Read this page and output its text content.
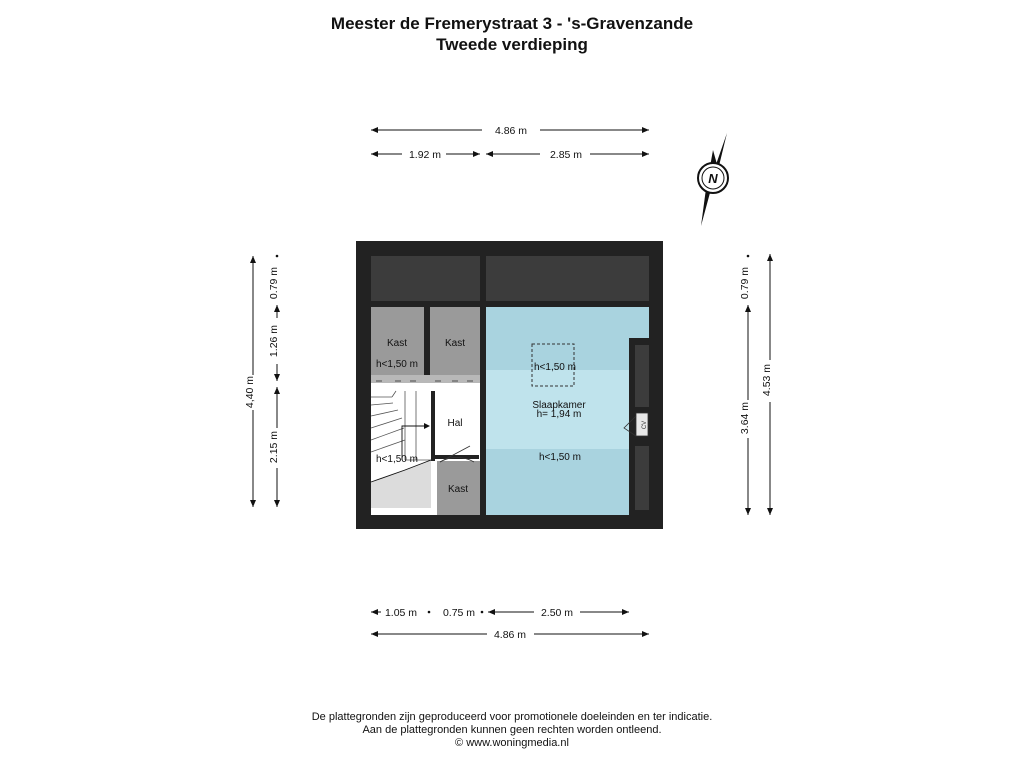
Meester de Fremerystraat 3 - 's-Gravenzande
Tweede verdieping
4.86 m
1.92 m	2.85 m
N
CV
Kast
h<1,50 m
Kast
Hal
h<1,50 m
Kast
h<1,50 m
Slaapkamer
h= 1,94 m
h<1,50 m
4,40 m
0.79 m
1.26 m
2.15 m
0.79 m
3.64 m
4.53 m
1.05 m 0.75 m	2.50 m
4.86 m
De plattegronden zijn geproduceerd voor promotionele doeleinden en ter indicatie.
Aan de plattegronden kunnen geen rechten worden ontleend.
© www.woningmedia.nl
